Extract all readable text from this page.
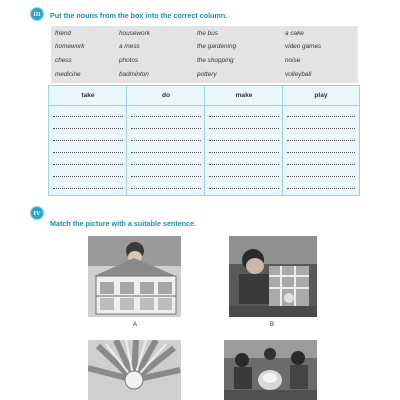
III Put the nouns from the box into the correct column.
friend	housework	the bus	a cake
homework	a mess	the gardening	video games
chess	photos	the shopping	noise
medicine	badminton	pottery	volleyball
take	do	make	play
IV
Match the picture with a suitable sentence.
A	B
